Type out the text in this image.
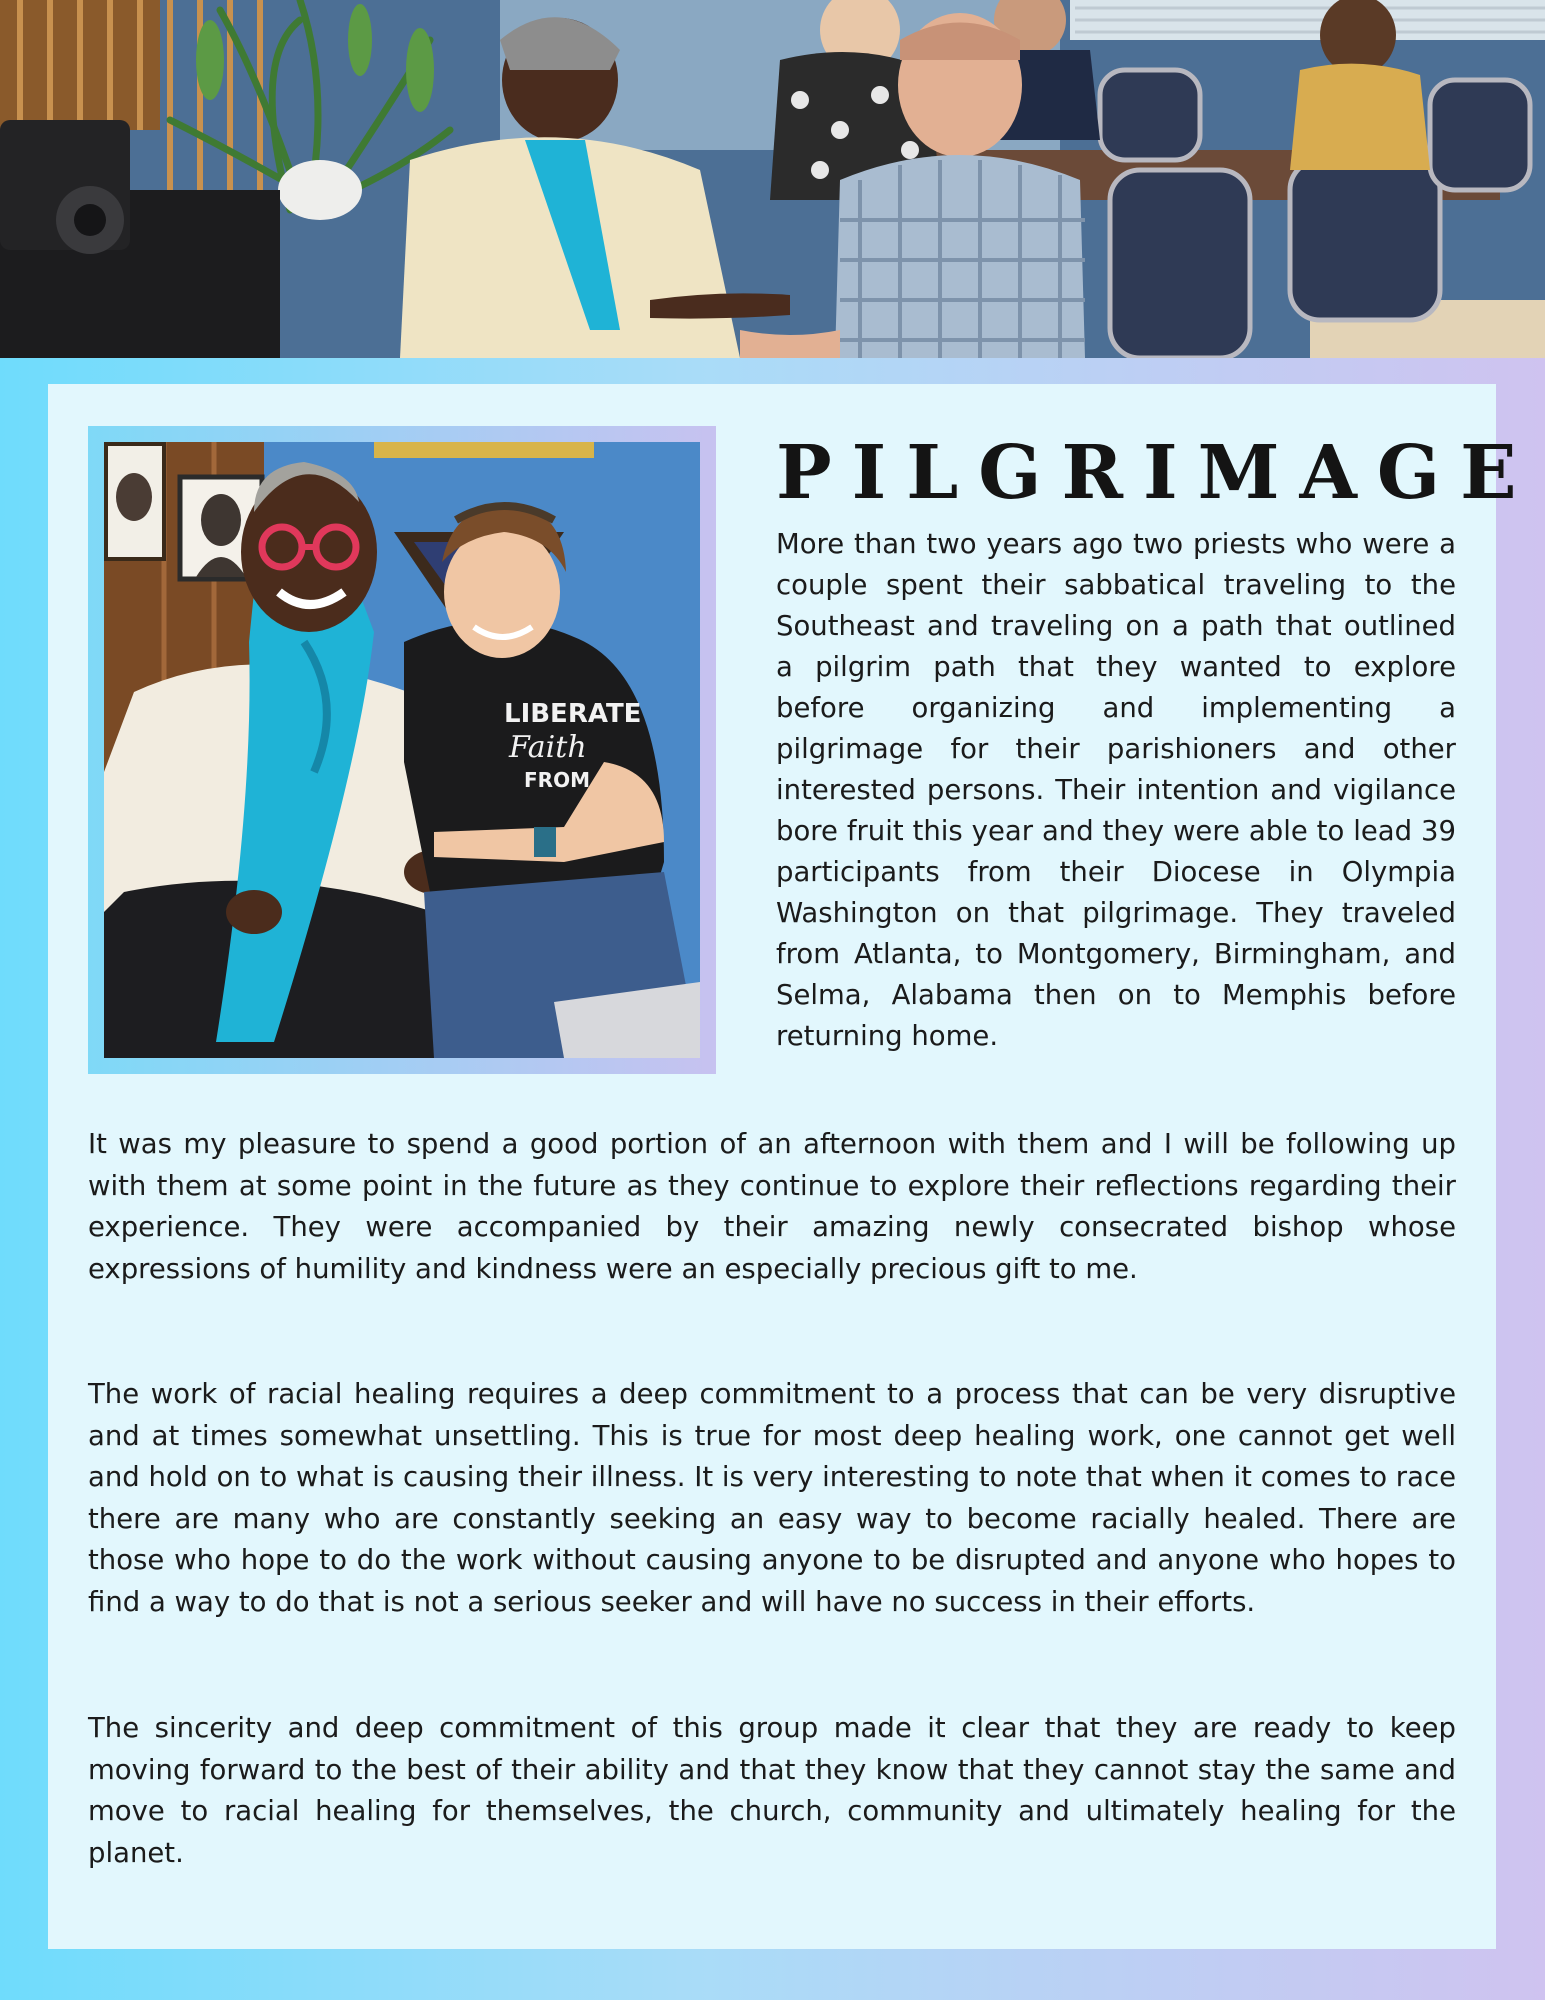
LIBERATE
Faith
FROM
PILGRIMAGE

More than two years ago two priests who were a couple spent their sabbatical traveling to the Southeast and traveling on a path that outlined a pilgrim path that they wanted to explore before organizing and implementing a pilgrimage for their parishioners and other interested persons. Their intention and vigilance bore fruit this year and they were able to lead 39 participants from their Diocese in Olympia Washington on that pilgrimage. They traveled from Atlanta, to Montgomery, Birmingham, and Selma, Alabama then on to Memphis before returning home.

It was my pleasure to spend a good portion of an afternoon with them and I will be following up with them at some point in the future as they continue to explore their reflections regarding their experience. They were accompanied by their amazing newly consecrated bishop whose expressions of humility and kindness were an especially precious gift to me.

The work of racial healing requires a deep commitment to a process that can be very disruptive and at times somewhat unsettling. This is true for most deep healing work, one cannot get well and hold on to what is causing their illness. It is very interesting to note that when it comes to race there are many who are constantly seeking an easy way to become racially healed. There are those who hope to do the work without causing anyone to be disrupted and anyone who hopes to find a way to do that is not a serious seeker and will have no success in their efforts.

The sincerity and deep commitment of this group made it clear that they are ready to keep moving forward to the best of their ability and that they know that they cannot stay the same and move to racial healing for themselves, the church, community and ultimately healing for the planet.
